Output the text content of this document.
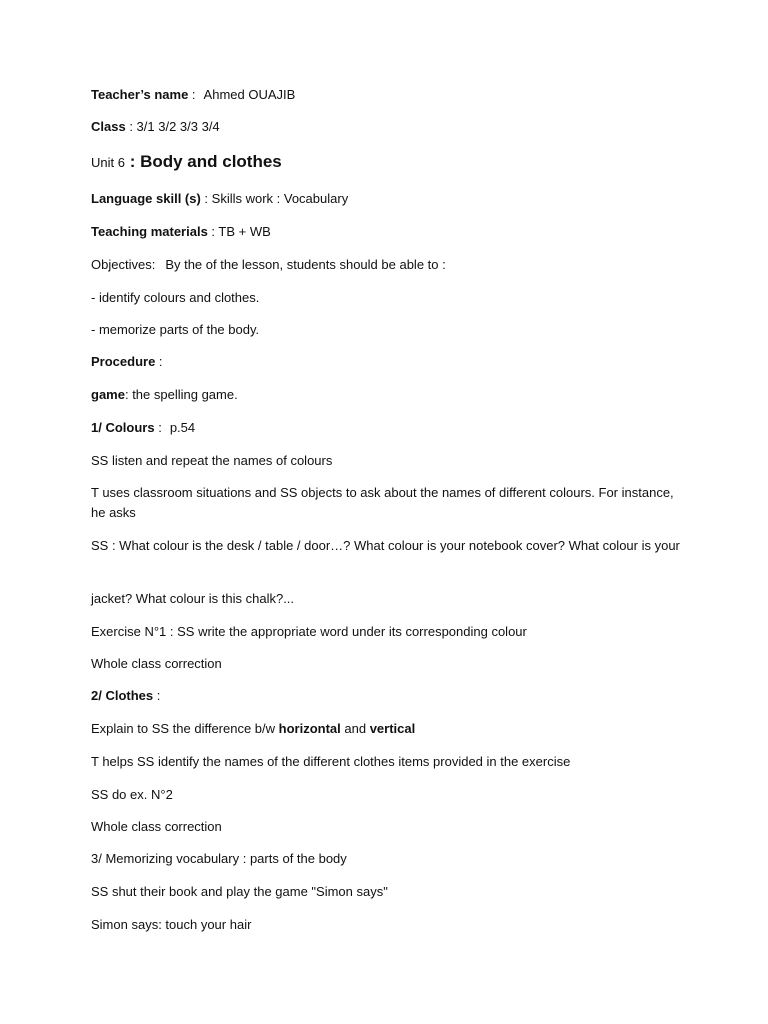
Teacher’s name : Ahmed OUAJIB
Class : 3/1 3/2 3/3 3/4
Unit 6 : Body and clothes
Language skill (s) : Skills work : Vocabulary
Teaching materials : TB + WB
Objectives: By the of the lesson, students should be able to :
- identify colours and clothes.
- memorize parts of the body.
Procedure :
game: the spelling game.
1/ Colours : p.54
SS listen and repeat the names of colours
T uses classroom situations and SS objects to ask about the names of different colours. For instance, he asks
SS : What colour is the desk / table / door…? What colour is your notebook cover? What colour is your
jacket? What colour is this chalk?...
Exercise N°1 : SS write the appropriate word under its corresponding colour
Whole class correction
2/ Clothes :
Explain to SS the difference b/w horizontal and vertical
T helps SS identify the names of the different clothes items provided in the exercise
SS do ex. N°2
Whole class correction
3/ Memorizing vocabulary : parts of the body
SS shut their book and play the game "Simon says"
Simon says: touch your hair
